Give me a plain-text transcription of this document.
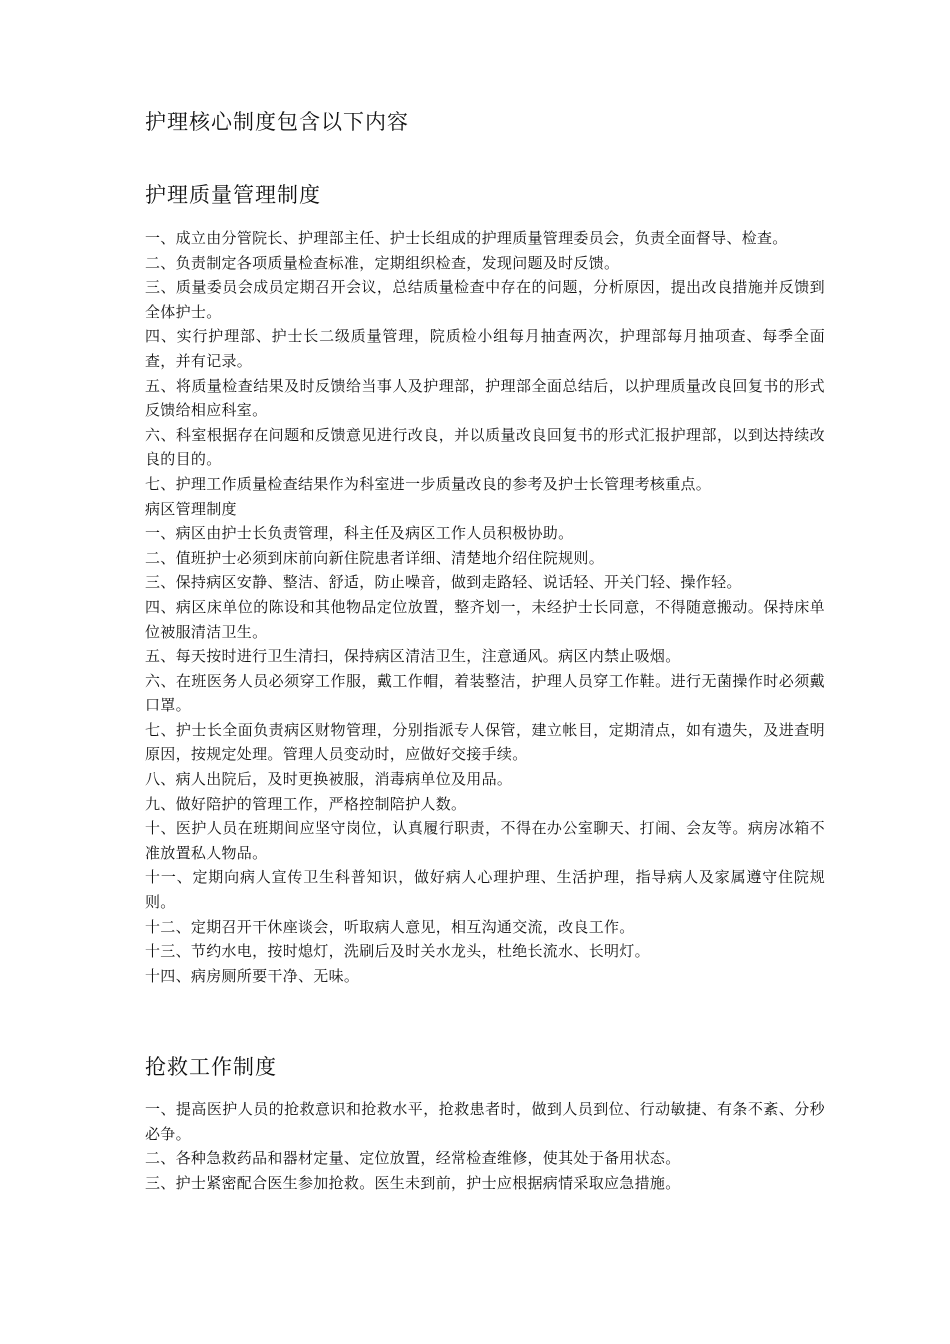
护理核心制度包含以下内容
护理质量管理制度

一、成立由分管院长、护理部主任、护士长组成的护理质量管理委员会，负责全面督导、检查。

二、负责制定各项质量检查标准，定期组织检查，发现问题及时反馈。

三、质量委员会成员定期召开会议，总结质量检查中存在的问题，分析原因，提出改良措施并反馈到全体护士。

四、实行护理部、护士长二级质量管理，院质检小组每月抽查两次，护理部每月抽项查、每季全面查，并有记录。

五、将质量检查结果及时反馈给当事人及护理部，护理部全面总结后，以护理质量改良回复书的形式反馈给相应科室。

六、科室根据存在问题和反馈意见进行改良，并以质量改良回复书的形式汇报护理部，以到达持续改良的目的。

七、护理工作质量检查结果作为科室进一步质量改良的参考及护士长管理考核重点。

病区管理制度

一、病区由护士长负责管理，科主任及病区工作人员积极协助。

二、值班护士必须到床前向新住院患者详细、清楚地介绍住院规则。

三、保持病区安静、整洁、舒适，防止噪音，做到走路轻、说话轻、开关门轻、操作轻。

四、病区床单位的陈设和其他物品定位放置，整齐划一，未经护士长同意，不得随意搬动。保持床单位被服清洁卫生。

五、每天按时进行卫生清扫，保持病区清洁卫生，注意通风。病区内禁止吸烟。

六、在班医务人员必须穿工作服，戴工作帽，着装整洁，护理人员穿工作鞋。进行无菌操作时必须戴口罩。

七、护士长全面负责病区财物管理，分别指派专人保管，建立帐目，定期清点，如有遗失，及进查明原因，按规定处理。管理人员变动时，应做好交接手续。

八、病人出院后，及时更换被服，消毒病单位及用品。

九、做好陪护的管理工作，严格控制陪护人数。

十、医护人员在班期间应坚守岗位，认真履行职责，不得在办公室聊天、打闹、会友等。病房冰箱不准放置私人物品。

十一、定期向病人宣传卫生科普知识，做好病人心理护理、生活护理，指导病人及家属遵守住院规则。

十二、定期召开干休座谈会，听取病人意见，相互沟通交流，改良工作。

十三、节约水电，按时熄灯，洗刷后及时关水龙头，杜绝长流水、长明灯。

十四、病房厕所要干净、无味。

抢救工作制度

一、提高医护人员的抢救意识和抢救水平，抢救患者时，做到人员到位、行动敏捷、有条不紊、分秒必争。

二、各种急救药品和器材定量、定位放置，经常检查维修，使其处于备用状态。

三、护士紧密配合医生参加抢救。医生未到前，护士应根据病情采取应急措施。
